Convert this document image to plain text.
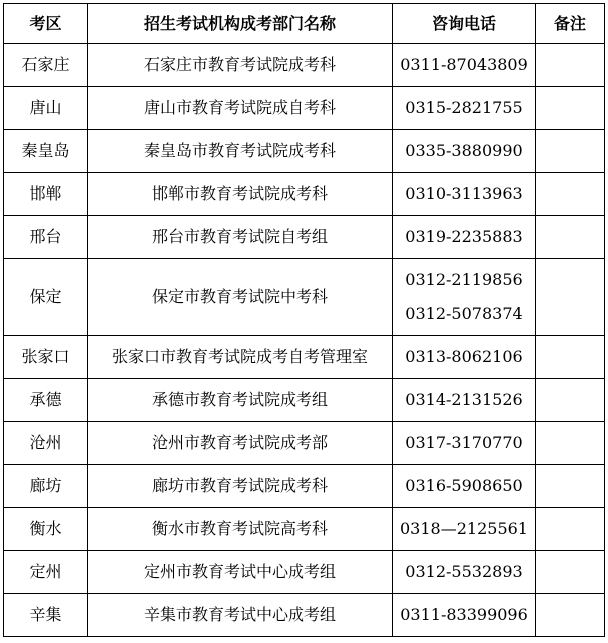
考区	招生考试机构成考部门名称	咨询电话	备注
石家庄	石家庄市教育考试院成考科	0311-87043809	

唐山	唐山市教育考试院成自考科	0315-2821755	

秦皇岛	秦皇岛市教育考试院成考科	0335-3880990	

邯郸	邯郸市教育考试院成考科	0310-3113963	

邢台	邢台市教育考试院自考组	0319-2235883	

保定	保定市教育考试院中考科	0312-2119856
0312-5078374	

张家口	张家口市教育考试院成考自考管理室	0313-8062106	

承德	承德市教育考试院成考组	0314-2131526	

沧州	沧州市教育考试院成考部	0317-3170770	

廊坊	廊坊市教育考试院成考科	0316-5908650	

衡水	衡水市教育考试院高考科	0318—2125561	

定州	定州市教育考试中心成考组	0312-5532893	

辛集	辛集市教育考试中心成考组	0311-83399096	
